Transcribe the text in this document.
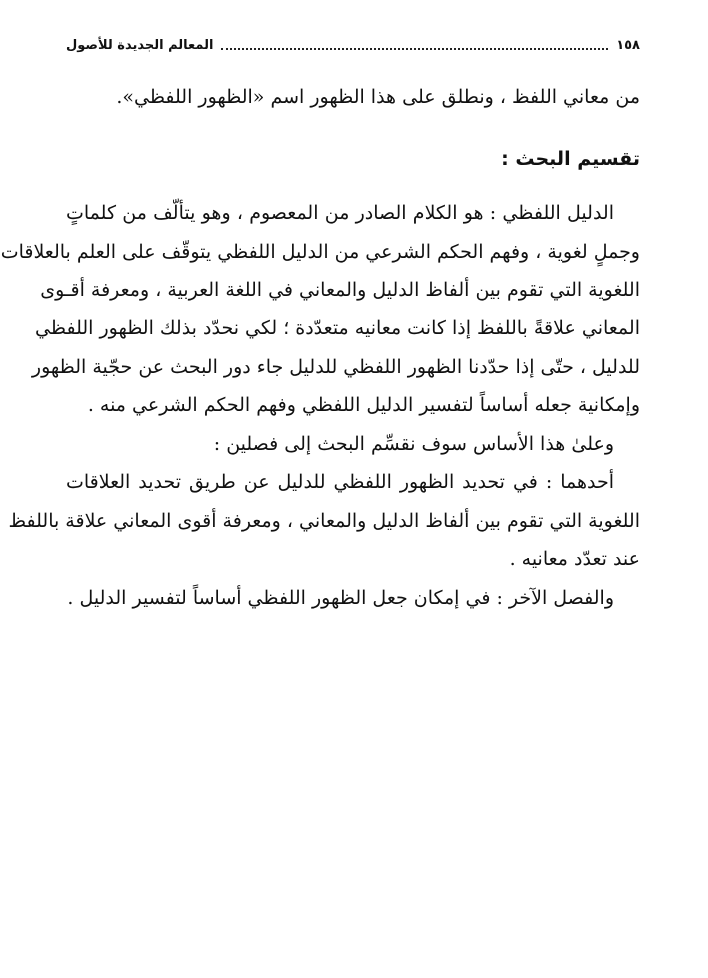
١٥٨
المعالم الجديدة للأصول
من معاني اللفظ ، ونطلق على هذا الظهور اسم «الظهور اللفظي».
تقسيم البحث :
الدليل اللفظي : هو الكلام الصادر من المعصوم ، وهو يتألّف من كلماتٍ
وجملٍ لغوية ، وفهم الحكم الشرعي من الدليل اللفظي يتوقّف على العلم بالعلاقات
اللغوية التي تقوم بين ألفاظ الدليل والمعاني في اللغة العربية ، ومعرفة أقـوى
المعاني علاقةً باللفظ إذا كانت معانيه متعدّدة ؛ لكي نحدّد بذلك الظهور اللفظي
للدليل ، حتّى إذا حدّدنا الظهور اللفظي للدليل جاء دور البحث عن حجّية الظهور
وإمكانية جعله أساساً لتفسير الدليل اللفظي وفهم الحكم الشرعي منه .
وعلىٰ هذا الأساس سوف نقسِّم البحث إلى فصلين :
أحدهما : في تحديد الظهور اللفظي للدليل عن طريق تحديد العلاقات
اللغوية التي تقوم بين ألفاظ الدليل والمعاني ، ومعرفة أقوى المعاني علاقة باللفظ
عند تعدّد معانيه .
والفصل الآخر : في إمكان جعل الظهور اللفظي أساساً لتفسير الدليل .
